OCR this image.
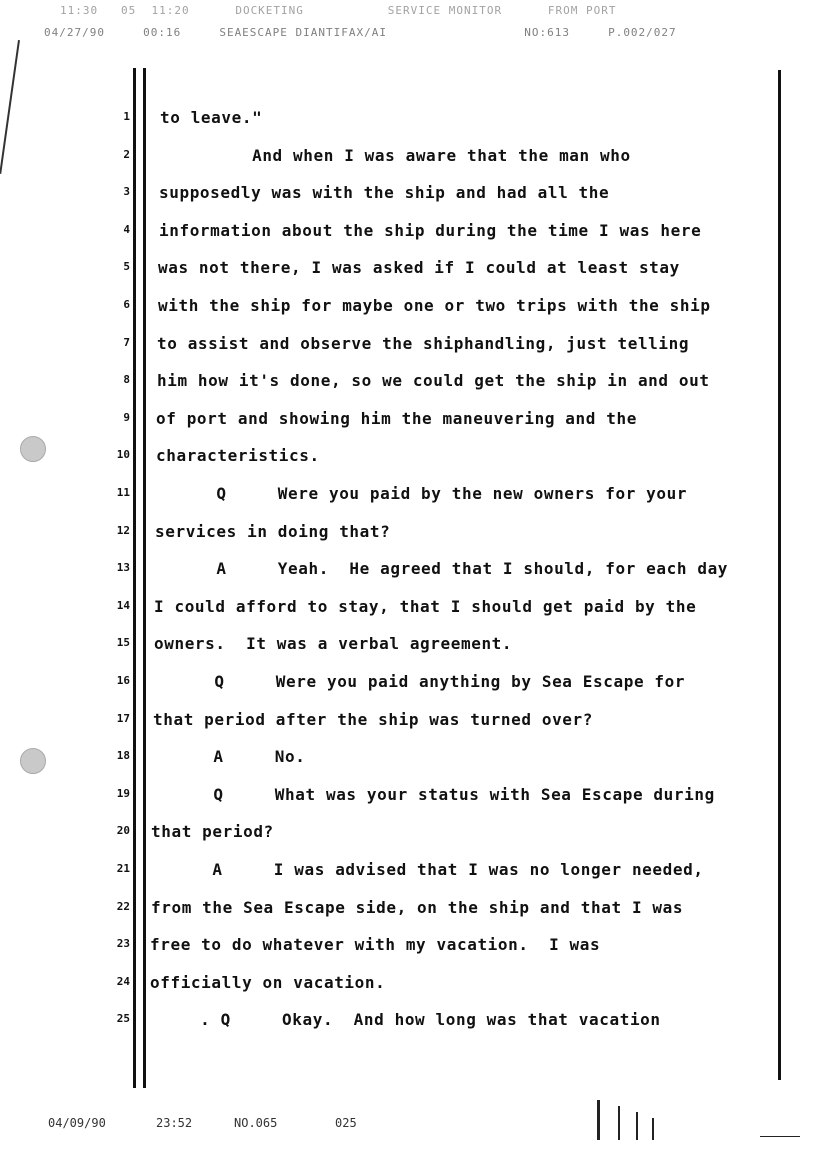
11:30   05  11:20      DOCKETING           SERVICE MONITOR      FROM PORT
04/27/90     00:16     SEAESCAPE DIANTIFAX/AI                  NO:613     P.002/027
1 to leave."
2 And when I was aware that the man who
3 supposedly was with the ship and had all the
4 information about the ship during the time I was here
5 was not there, I was asked if I could at least stay
6 with the ship for maybe one or two trips with the ship
7 to assist and observe the shiphandling, just telling
8 him how it's done, so we could get the ship in and out
9 of port and showing him the maneuvering and the
10 characteristics.
11 Q     Were you paid by the new owners for your
12 services in doing that?
13 A     Yeah.  He agreed that I should, for each day
14 I could afford to stay, that I should get paid by the
15 owners.  It was a verbal agreement.
16 Q     Were you paid anything by Sea Escape for
17 that period after the ship was turned over?
18 A     No.
19 Q     What was your status with Sea Escape during
20 that period?
21 A     I was advised that I was no longer needed,
22 from the Sea Escape side, on the ship and that I was
23 free to do whatever with my vacation.  I was
24 officially on vacation.
25 . Q     Okay.  And how long was that vacation
04/09/90	23:52	NO.065	025
